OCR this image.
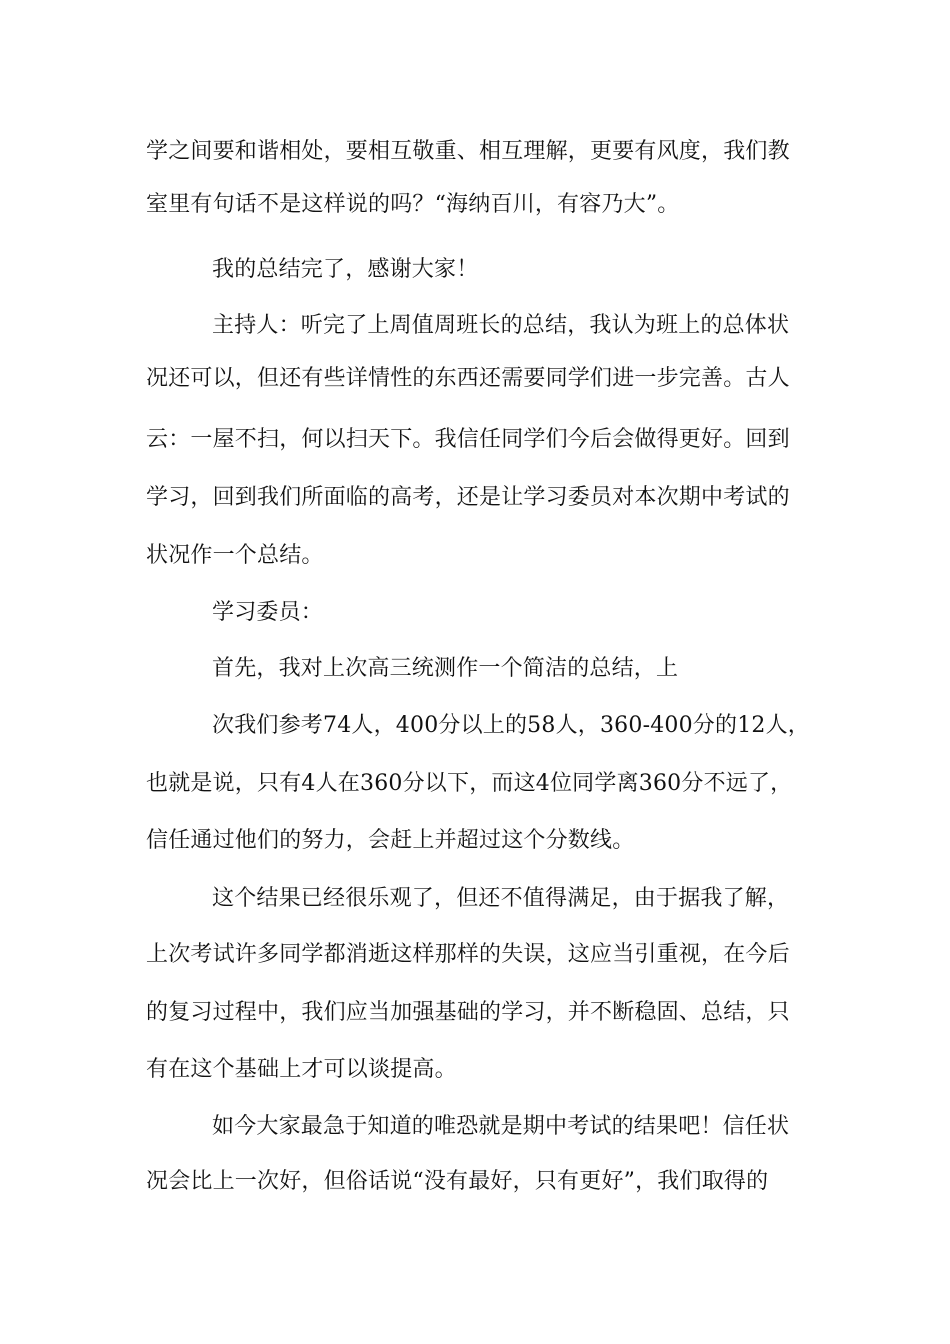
学之间要和谐相处，要相互敬重、相互理解，更要有风度，我们教
室里有句话不是这样说的吗？“海纳百川，有容乃大”。
我的总结完了，感谢大家！
主持人：听完了上周值周班长的总结，我认为班上的总体状
况还可以，但还有些详情性的东西还需要同学们进一步完善。古人
云：一屋不扫，何以扫天下。我信任同学们今后会做得更好。回到
学习，回到我们所面临的高考，还是让学习委员对本次期中考试的
状况作一个总结。
学习委员：
首先，我对上次高三统测作一个简洁的总结，上
次我们参考74人，400分以上的58人，360-400分的12人，
也就是说，只有4人在360分以下，而这4位同学离360分不远了，
信任通过他们的努力，会赶上并超过这个分数线。
这个结果已经很乐观了，但还不值得满足，由于据我了解，
上次考试许多同学都消逝这样那样的失误，这应当引重视，在今后
的复习过程中，我们应当加强基础的学习，并不断稳固、总结，只
有在这个基础上才可以谈提高。
如今大家最急于知道的唯恐就是期中考试的结果吧！信任状
况会比上一次好，但俗话说“没有最好，只有更好”，我们取得的
